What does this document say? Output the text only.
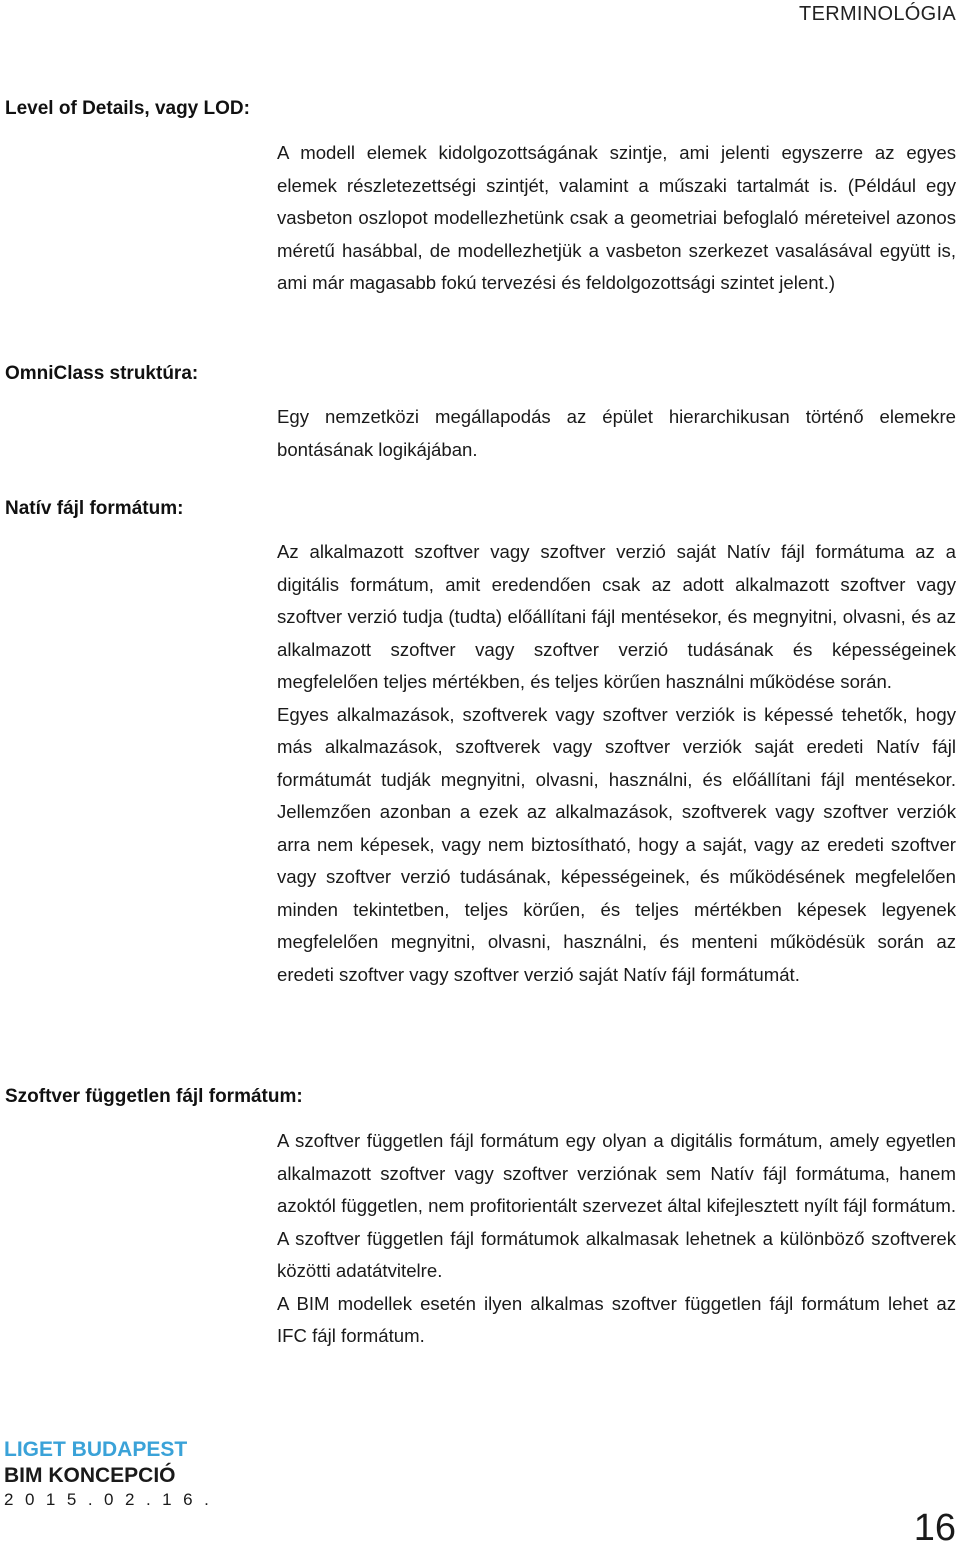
TERMINOLÓGIA
Level of Details, vagy LOD:

A modell elemek kidolgozottságának szintje, ami jelenti egyszerre az egyes elemek részletezettségi szintjét, valamint a műszaki tartalmát is. (Például egy vasbeton oszlopot modellezhetünk csak a geometriai befoglaló méreteivel azonos méretű hasábbal, de modellezhetjük a vasbeton szerkezet vasalásával együtt is, ami már magasabb fokú tervezési és feldolgozottsági szintet jelent.)

OmniClass struktúra:

Egy nemzetközi megállapodás az épület hierarchikusan történő elemekre bontásának logikájában.

Natív fájl formátum:

Az alkalmazott szoftver vagy szoftver verzió saját Natív fájl formátuma az a digitális formátum, amit eredendően csak az adott alkalmazott szoftver vagy szoftver verzió tudja (tudta) előállítani fájl mentésekor, és megnyitni, olvasni, és az alkalmazott szoftver vagy szoftver verzió tudásának és képességeinek megfelelően teljes mértékben, és teljes körűen használni működése során.

Egyes alkalmazások, szoftverek vagy szoftver verziók is képessé tehetők, hogy más alkalmazások, szoftverek vagy szoftver verziók saját eredeti Natív fájl formátumát tudják megnyitni, olvasni, használni, és előállítani fájl mentésekor. Jellemzően azonban a ezek az alkalmazások, szoftverek vagy szoftver verziók arra nem képesek, vagy nem biztosítható, hogy a saját, vagy az eredeti szoftver vagy szoftver verzió tudásának, képességeinek, és működésének megfelelően minden tekintetben, teljes körűen, és teljes mértékben képesek legyenek megfelelően megnyitni, olvasni, használni, és menteni működésük során az eredeti szoftver vagy szoftver verzió saját Natív fájl formátumát.

Szoftver független fájl formátum:

A szoftver független fájl formátum egy olyan a digitális formátum, amely egyetlen alkalmazott szoftver vagy szoftver verziónak sem Natív fájl formátuma, hanem azoktól független, nem profitorientált szervezet által kifejlesztett nyílt fájl formátum. A szoftver független fájl formátumok alkalmasak lehetnek a különböző szoftverek közötti adatátvitelre.

A BIM modellek esetén ilyen alkalmas szoftver független fájl formátum lehet az IFC fájl formátum.

LIGET BUDAPEST
BIM KONCEPCIÓ
2015.02.16.
16
